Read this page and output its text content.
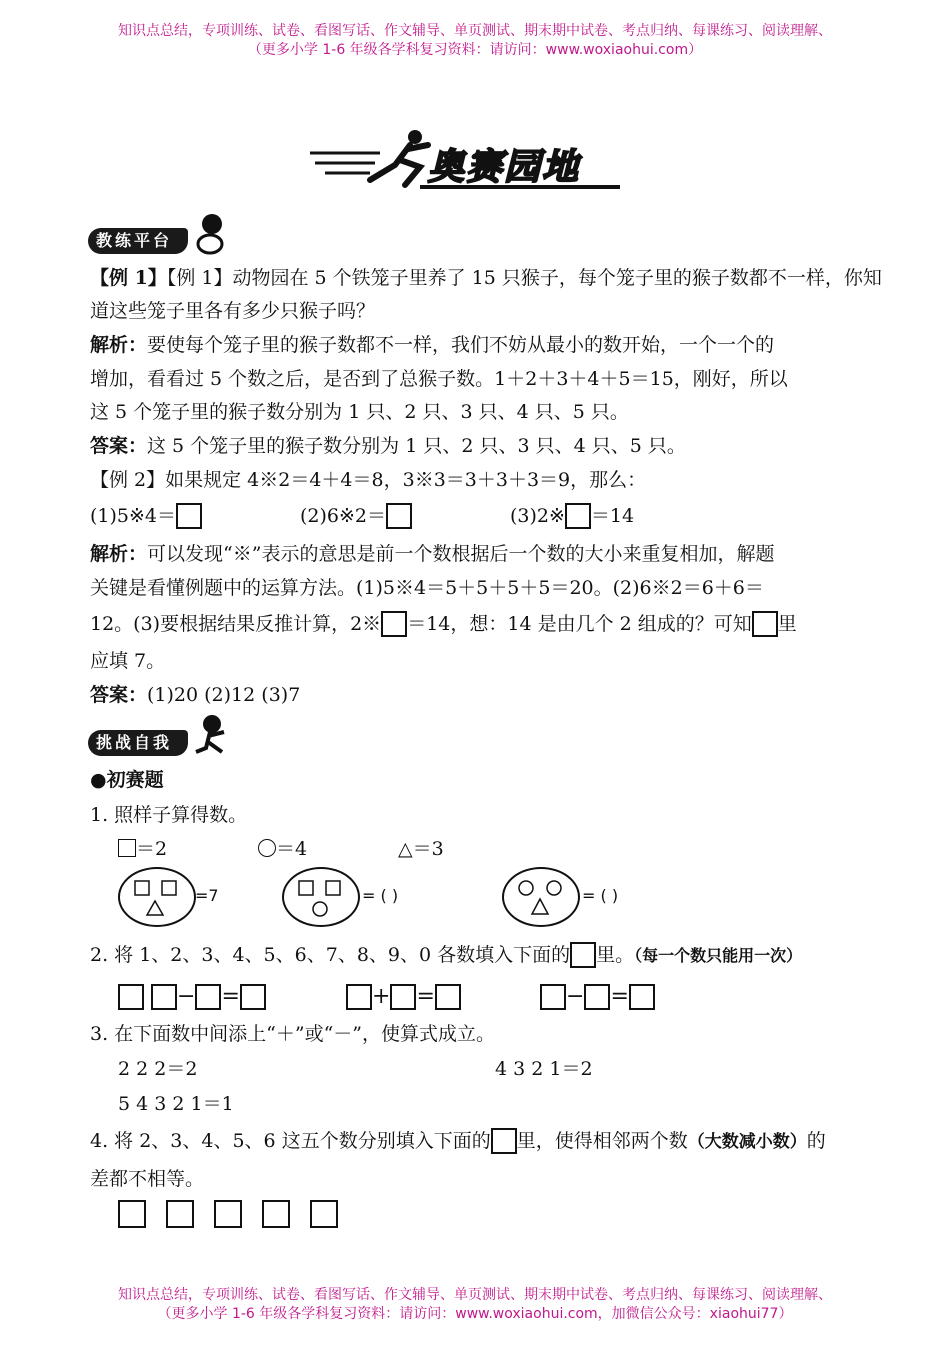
知识点总结，专项训练、试卷、看图写话、作文辅导、单页测试、期末期中试卷、考点归纳、每课练习、阅读理解、
（更多小学 1-6 年级各学科复习资料：请访问：www.woxiaohui.com）
奥赛园地
教练平台
【例 1】【例 1】动物园在 5 个铁笼子里养了 15 只猴子，每个笼子里的猴子数都不一样，你知
道这些笼子里各有多少只猴子吗？
解析：要使每个笼子里的猴子数都不一样，我们不妨从最小的数开始，一个一个的
增加，看看过 5 个数之后，是否到了总猴子数。1＋2＋3＋4＋5＝15，刚好，所以
这 5 个笼子里的猴子数分别为 1 只、2 只、3 只、4 只、5 只。
答案：这 5 个笼子里的猴子数分别为 1 只、2 只、3 只、4 只、5 只。
【例 2】如果规定 4※2＝4＋4＝8，3※3＝3＋3＋3＝9，那么：
(1)5※4＝	(2)6※2＝	(3)2※ ＝14
解析：可以发现“※”表示的意思是前一个数根据后一个数的大小来重复相加，解题
关键是看懂例题中的运算方法。(1)5※4＝5＋5＋5＋5＝20。(2)6※2＝6＋6＝
12。(3)要根据结果反推计算，2※ ＝14，想：14 是由几个 2 组成的？可知 里
应填 7。
答案：(1)20 (2)12 (3)7
挑战自我
●初赛题
1. 照样子算得数。
＝2	＝4	△＝3
=7	= ( )	= ( )
2. 将 1、2、3、4、5、6、7、8、9、0 各数填入下面的 里。（每一个数只能用一次）
− =	+ =	− =
3. 在下面数中间添上“＋”或“－”，使算式成立。
2 2 2＝2	4 3 2 1＝2
5 4 3 2 1＝1
4. 将 2、3、4、5、6 这五个数分别填入下面的 里，使得相邻两个数（大数减小数）的
差都不相等。
知识点总结，专项训练、试卷、看图写话、作文辅导、单页测试、期末期中试卷、考点归纳、每课练习、阅读理解、
（更多小学 1-6 年级各学科复习资料：请访问：www.woxiaohui.com，加微信公众号：xiaohui77）
